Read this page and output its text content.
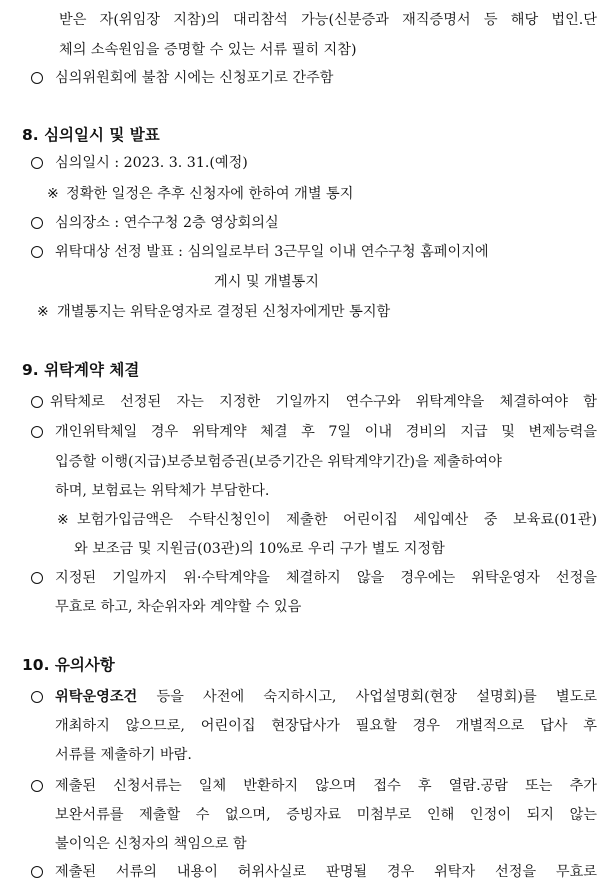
받은 자(위임장 지참)의 대리참석 가능(신분증과 재직증명서 등 해당 법인.단
체의 소속원임을 증명할 수 있는 서류 필히 지참)
심의위원회에 불참 시에는 신청포기로 간주함
8. 심의일시 및 발표
심의일시 : 2023. 3. 31.(예정)
※ 정확한 일정은 추후 신청자에 한하여 개별 통지
심의장소 : 연수구청 2층 영상회의실
위탁대상 선정 발표 : 심의일로부터 3근무일 이내 연수구청 홈페이지에
게시 및 개별통지
※ 개별통지는 위탁운영자로 결정된 신청자에게만 통지함
9. 위탁계약 체결
위탁체로 선정된 자는 지정한 기일까지 연수구와 위탁계약을 체결하여야 함
개인위탁체일 경우 위탁계약 체결 후 7일 이내 경비의 지급 및 변제능력을
입증할 이행(지급)보증보험증권(보증기간은 위탁계약기간)을 제출하여야
하며, 보험료는 위탁체가 부담한다.
※ 보험가입금액은 수탁신청인이 제출한 어린이집 세입예산 중 보육료(01관)
와 보조금 및 지원금(03관)의 10%로 우리 구가 별도 지정함
지정된 기일까지 위·수탁계약을 체결하지 않을 경우에는 위탁운영자 선정을
무효로 하고, 차순위자와 계약할 수 있음
10. 유의사항
위탁운영조건 등을 사전에 숙지하시고, 사업설명회(현장 설명회)를 별도로
개최하지 않으므로, 어린이집 현장답사가 필요할 경우 개별적으로 답사 후
서류를 제출하기 바람.
제출된 신청서류는 일체 반환하지 않으며 접수 후 열람.공람 또는 추가
보완서류를 제출할 수 없으며, 증빙자료 미첨부로 인해 인정이 되지 않는
불이익은 신청자의 책임으로 함
제출된 서류의 내용이 허위사실로 판명될 경우 위탁자 선정을 무효로
